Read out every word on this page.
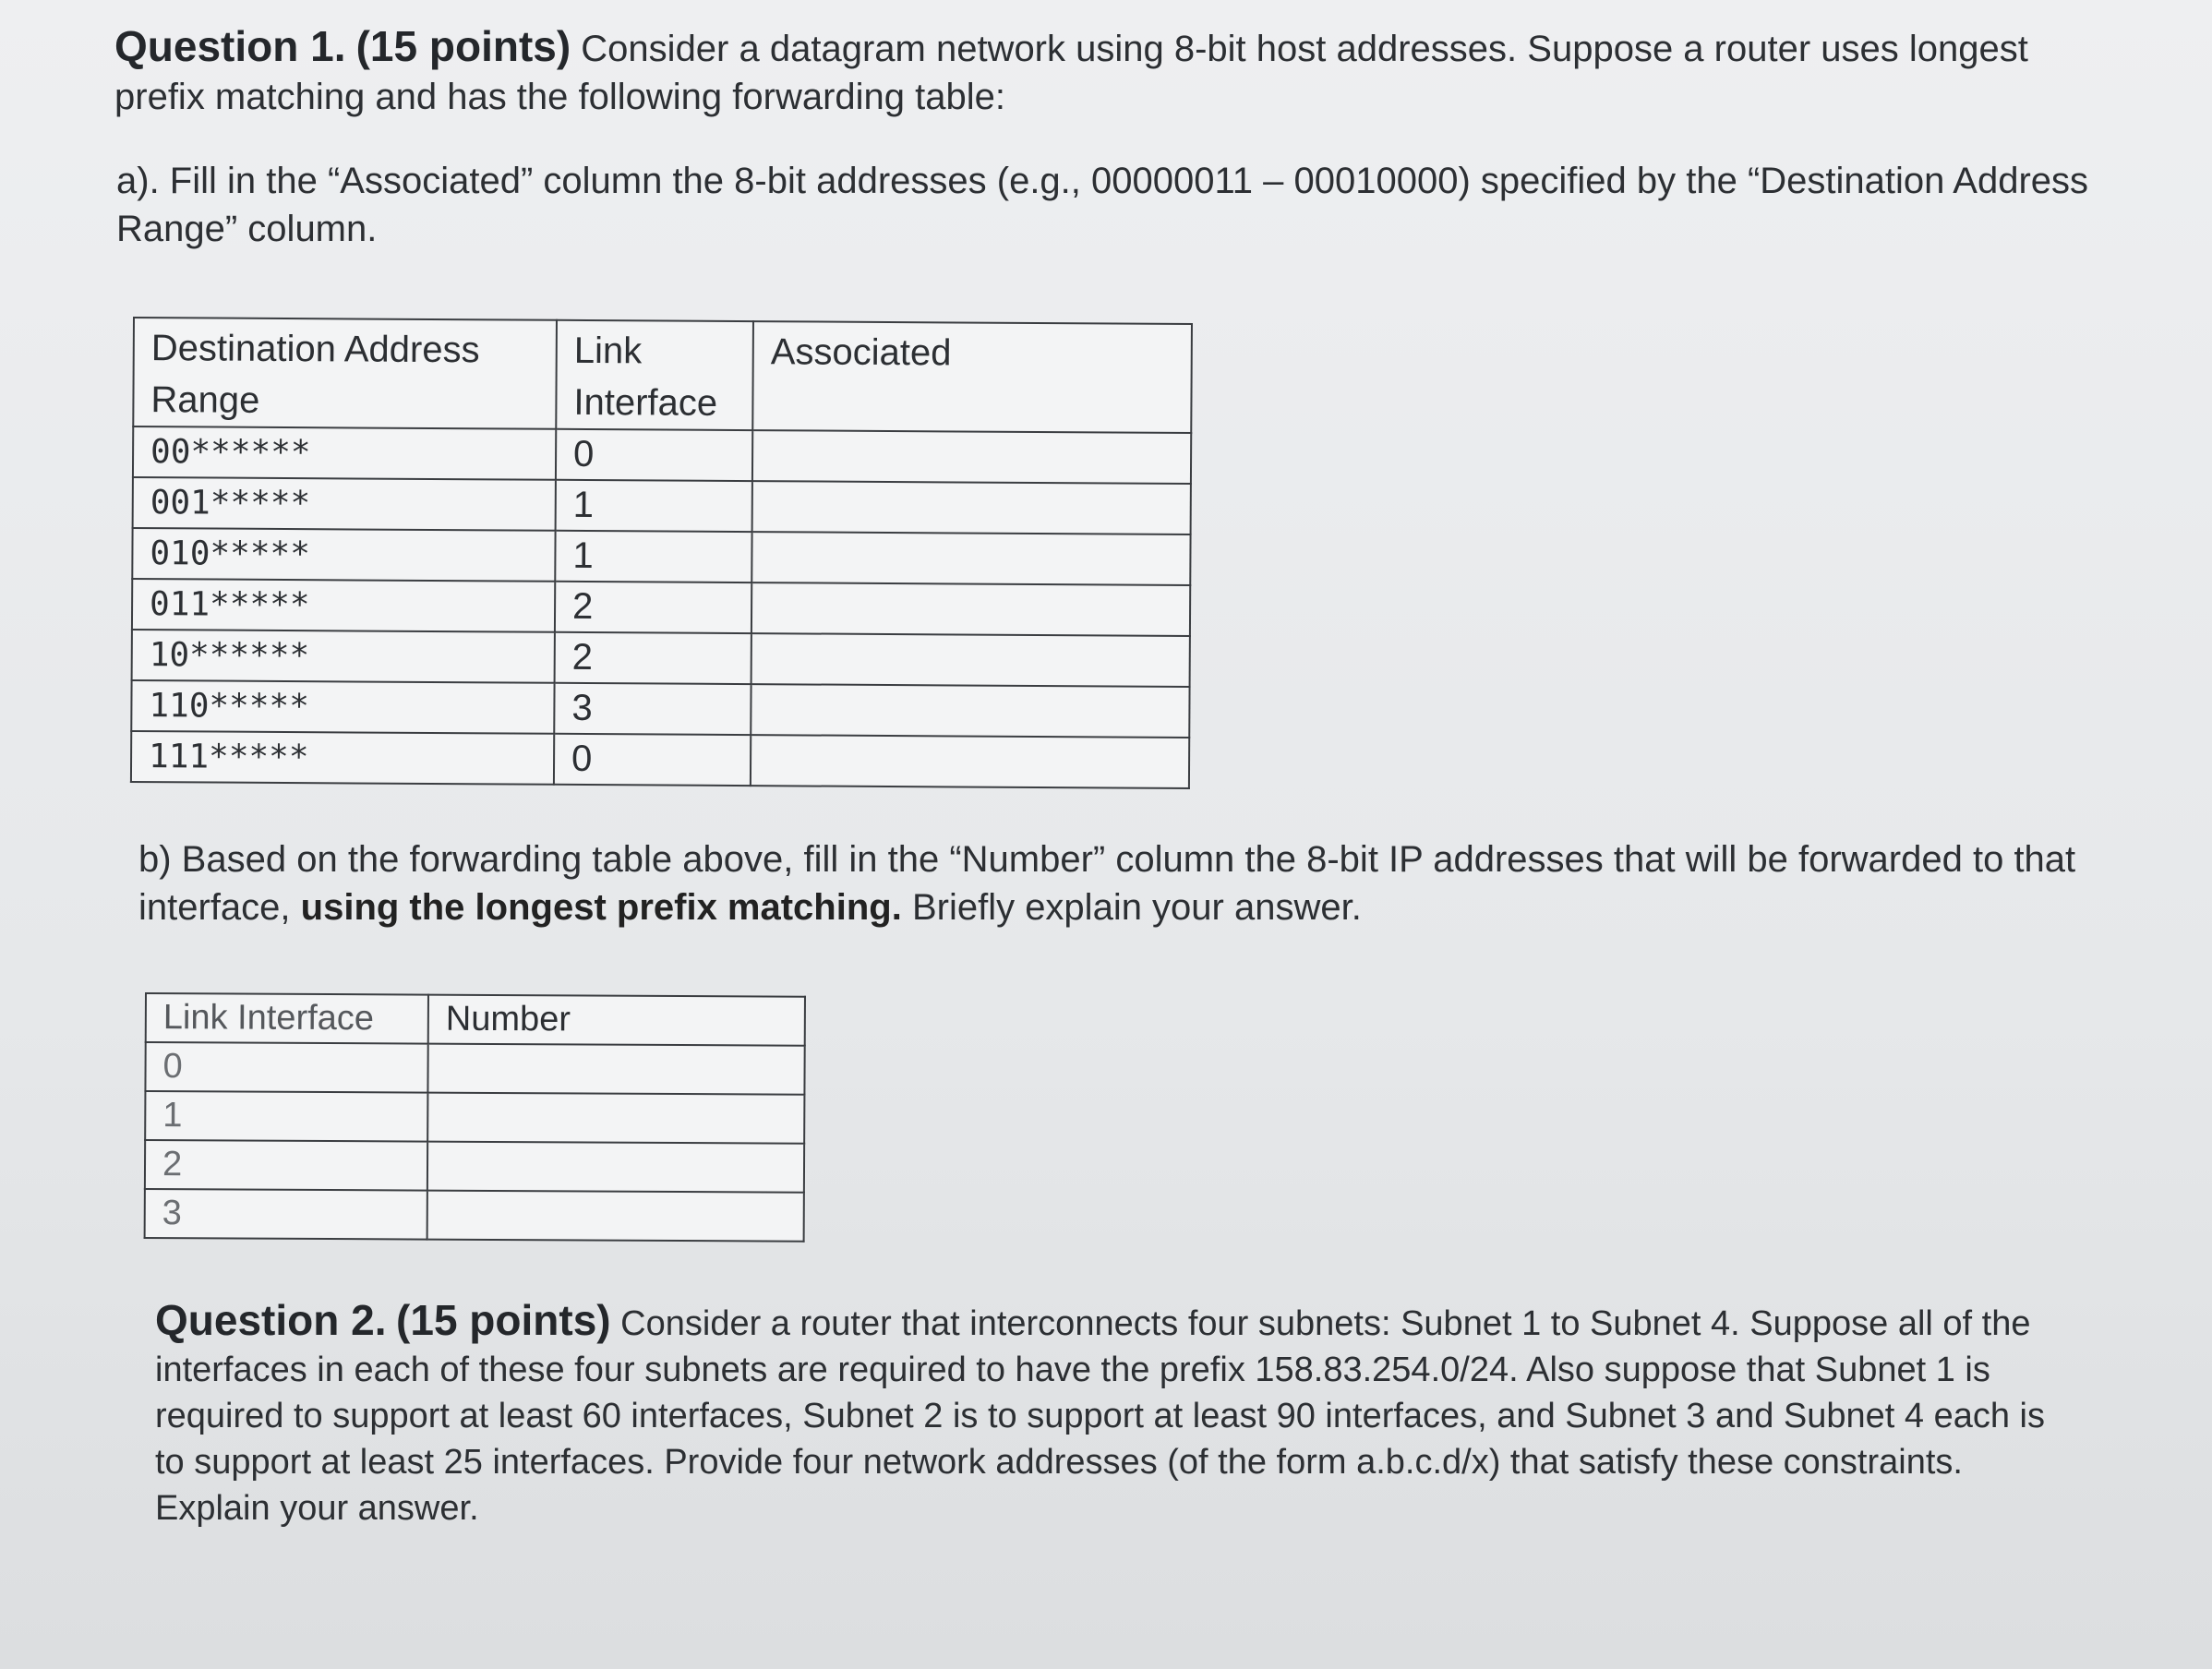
Question 1. (15 points) Consider a datagram network using 8-bit host addresses. Suppose a router uses longest prefix matching and has the following forwarding table:
a). Fill in the “Associated” column the 8-bit addresses (e.g., 00000011 – 00010000) specified by the “Destination Address Range” column.
Destination Address Range	Link Interface	Associated
00******	0	
001*****	1	
010*****	1	
011*****	2	
10******	2	
110*****	3	
111*****	0	
b) Based on the forwarding table above, fill in the “Number” column the 8-bit IP addresses that will be forwarded to that interface, using the longest prefix matching. Briefly explain your answer.
Link Interface	Number
0	
1	
2	
3	
Question 2. (15 points) Consider a router that interconnects four subnets: Subnet 1 to Subnet 4. Suppose all of the interfaces in each of these four subnets are required to have the prefix 158.83.254.0/24. Also suppose that Subnet 1 is required to support at least 60 interfaces, Subnet 2 is to support at least 90 interfaces, and Subnet 3 and Subnet 4 each is to support at least 25 interfaces. Provide four network addresses (of the form a.b.c.d/x) that satisfy these constraints. Explain your answer.
